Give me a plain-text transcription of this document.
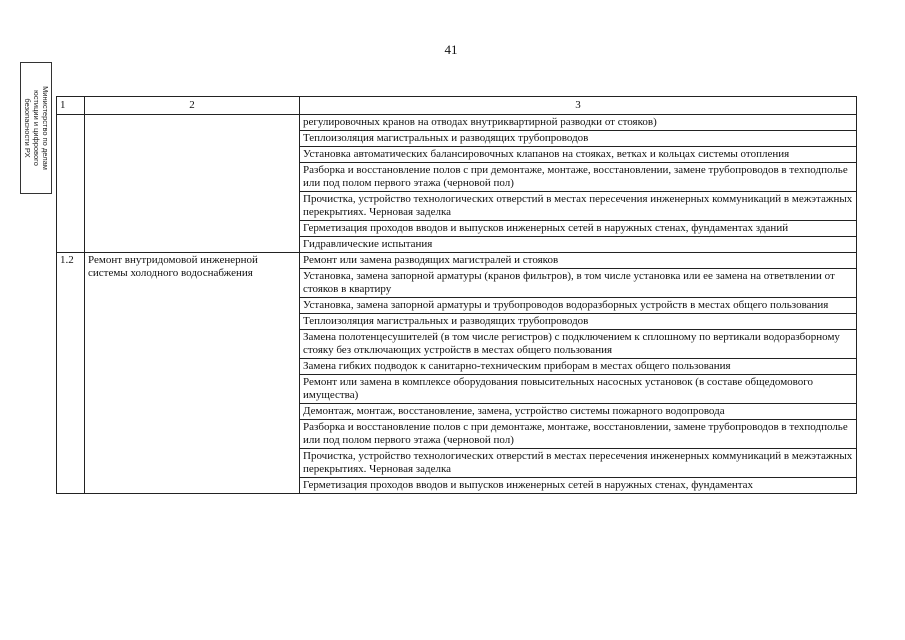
41
Министерство по делам
юстиции и цифрового
безопасности РХ	1	2	3
		регулировочных кранов на отводах внутриквартирной разводки от стояков)
		Теплоизоляция магистральных и разводящих трубопроводов
		Установка автоматических балансировочных клапанов на стояках, ветках и кольцах системы отопления
		Разборка и восстановление полов с при демонтаже, монтаже, восстановлении, замене трубопроводов в техподполье или под полом первого этажа (черновой пол)
		Прочистка, устройство технологических отверстий в местах пересечения инженерных коммуникаций в межэтажных перекрытиях. Черновая заделка
		Герметизация проходов вводов и выпусков инженерных сетей в наружных стенах, фундаментах зданий
		Гидравлические испытания
1.2	Ремонт внутридомовой инженерной системы холодного водоснабжения	Ремонт или замена разводящих магистралей и стояков
		Установка, замена запорной арматуры (кранов фильтров), в том числе установка или ее замена на ответвлении от стояков в квартиру
		Установка, замена запорной арматуры и трубопроводов водоразборных устройств в местах общего пользования
		Теплоизоляция магистральных и разводящих трубопроводов
		Замена полотенцесушителей (в том числе регистров) с подключением к сплошному по вертикали водоразборному стояку без отключающих устройств в местах общего пользования
		Замена гибких подводок к санитарно-техническим приборам в местах общего пользования
		Ремонт или замена в комплексе оборудования повысительных насосных установок (в составе общедомового имущества)
		Демонтаж, монтаж, восстановление, замена, устройство системы пожарного водопровода
		Разборка и восстановление полов с при демонтаже, монтаже, восстановлении, замене трубопроводов в техподполье или под полом первого этажа (черновой пол)
		Прочистка, устройство технологических отверстий в местах пересечения инженерных коммуникаций в межэтажных перекрытиях. Черновая заделка
		Герметизация проходов вводов и выпусков инженерных сетей в наружных стенах, фундаментах
